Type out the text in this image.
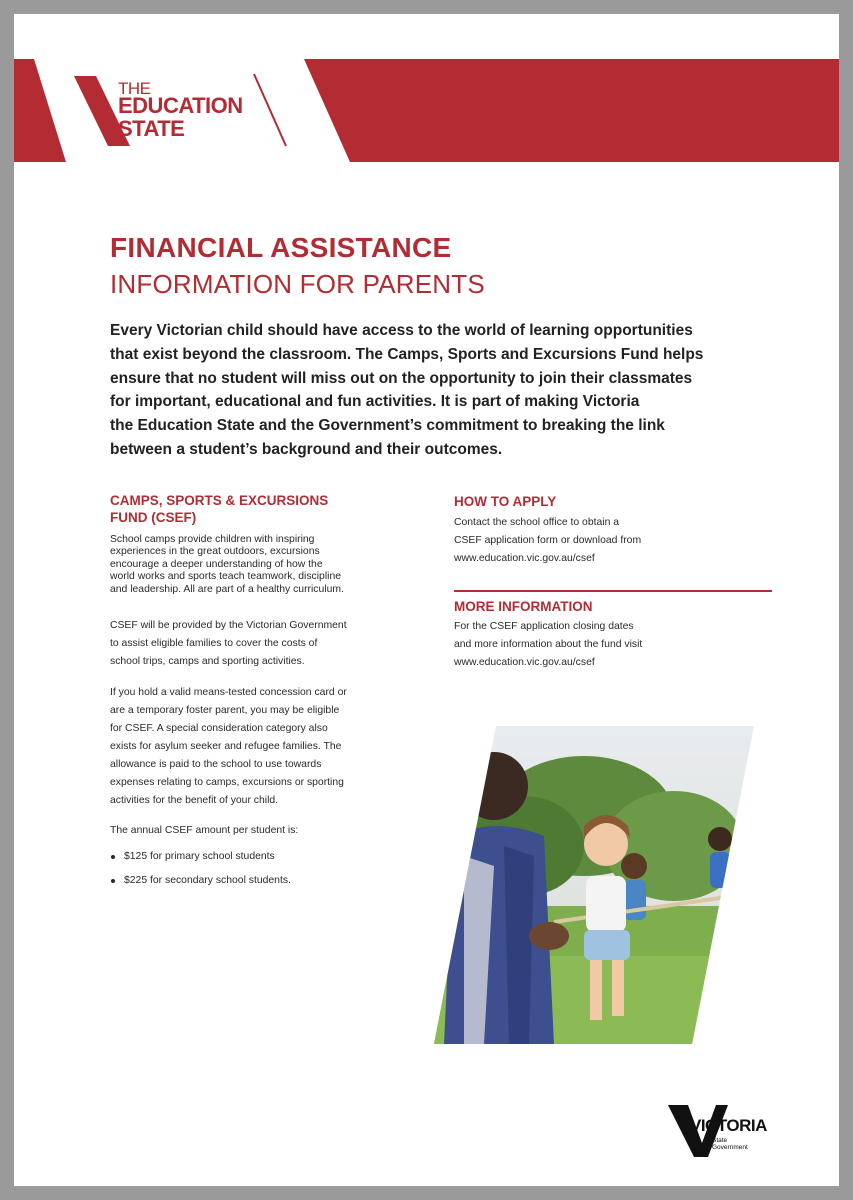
THE
EDUCATION
STATE
FINANCIAL ASSISTANCE
INFORMATION FOR PARENTS

Every Victorian child should have access to the world of learning opportunities
that exist beyond the classroom. The Camps, Sports and Excursions Fund helps
ensure that no student will miss out on the opportunity to join their classmates
for important, educational and fun activities. It is part of making Victoria
the Education State and the Government’s commitment to breaking the link
between a student’s background and their outcomes.

CAMPS, SPORTS & EXCURSIONS
FUND (CSEF)

School camps provide children with inspiring
experiences in the great outdoors, excursions
encourage a deeper understanding of how the
world works and sports teach teamwork, discipline
and leadership. All are part of a healthy curriculum.

CSEF will be provided by the Victorian Government
to assist eligible families to cover the costs of
school trips, camps and sporting activities.

If you hold a valid means-tested concession card or
are a temporary foster parent, you may be eligible
for CSEF. A special consideration category also
exists for asylum seeker and refugee families. The
allowance is paid to the school to use towards
expenses relating to camps, excursions or sporting
activities for the benefit of your child.

The annual CSEF amount per student is:

$125 for primary school students
$225 for secondary school students.
HOW TO APPLY

Contact the school office to obtain a
CSEF application form or download from
www.education.vic.gov.au/csef

MORE INFORMATION

For the CSEF application closing dates
and more information about the fund visit
www.education.vic.gov.au/csef

VICTORIA
State
Government
